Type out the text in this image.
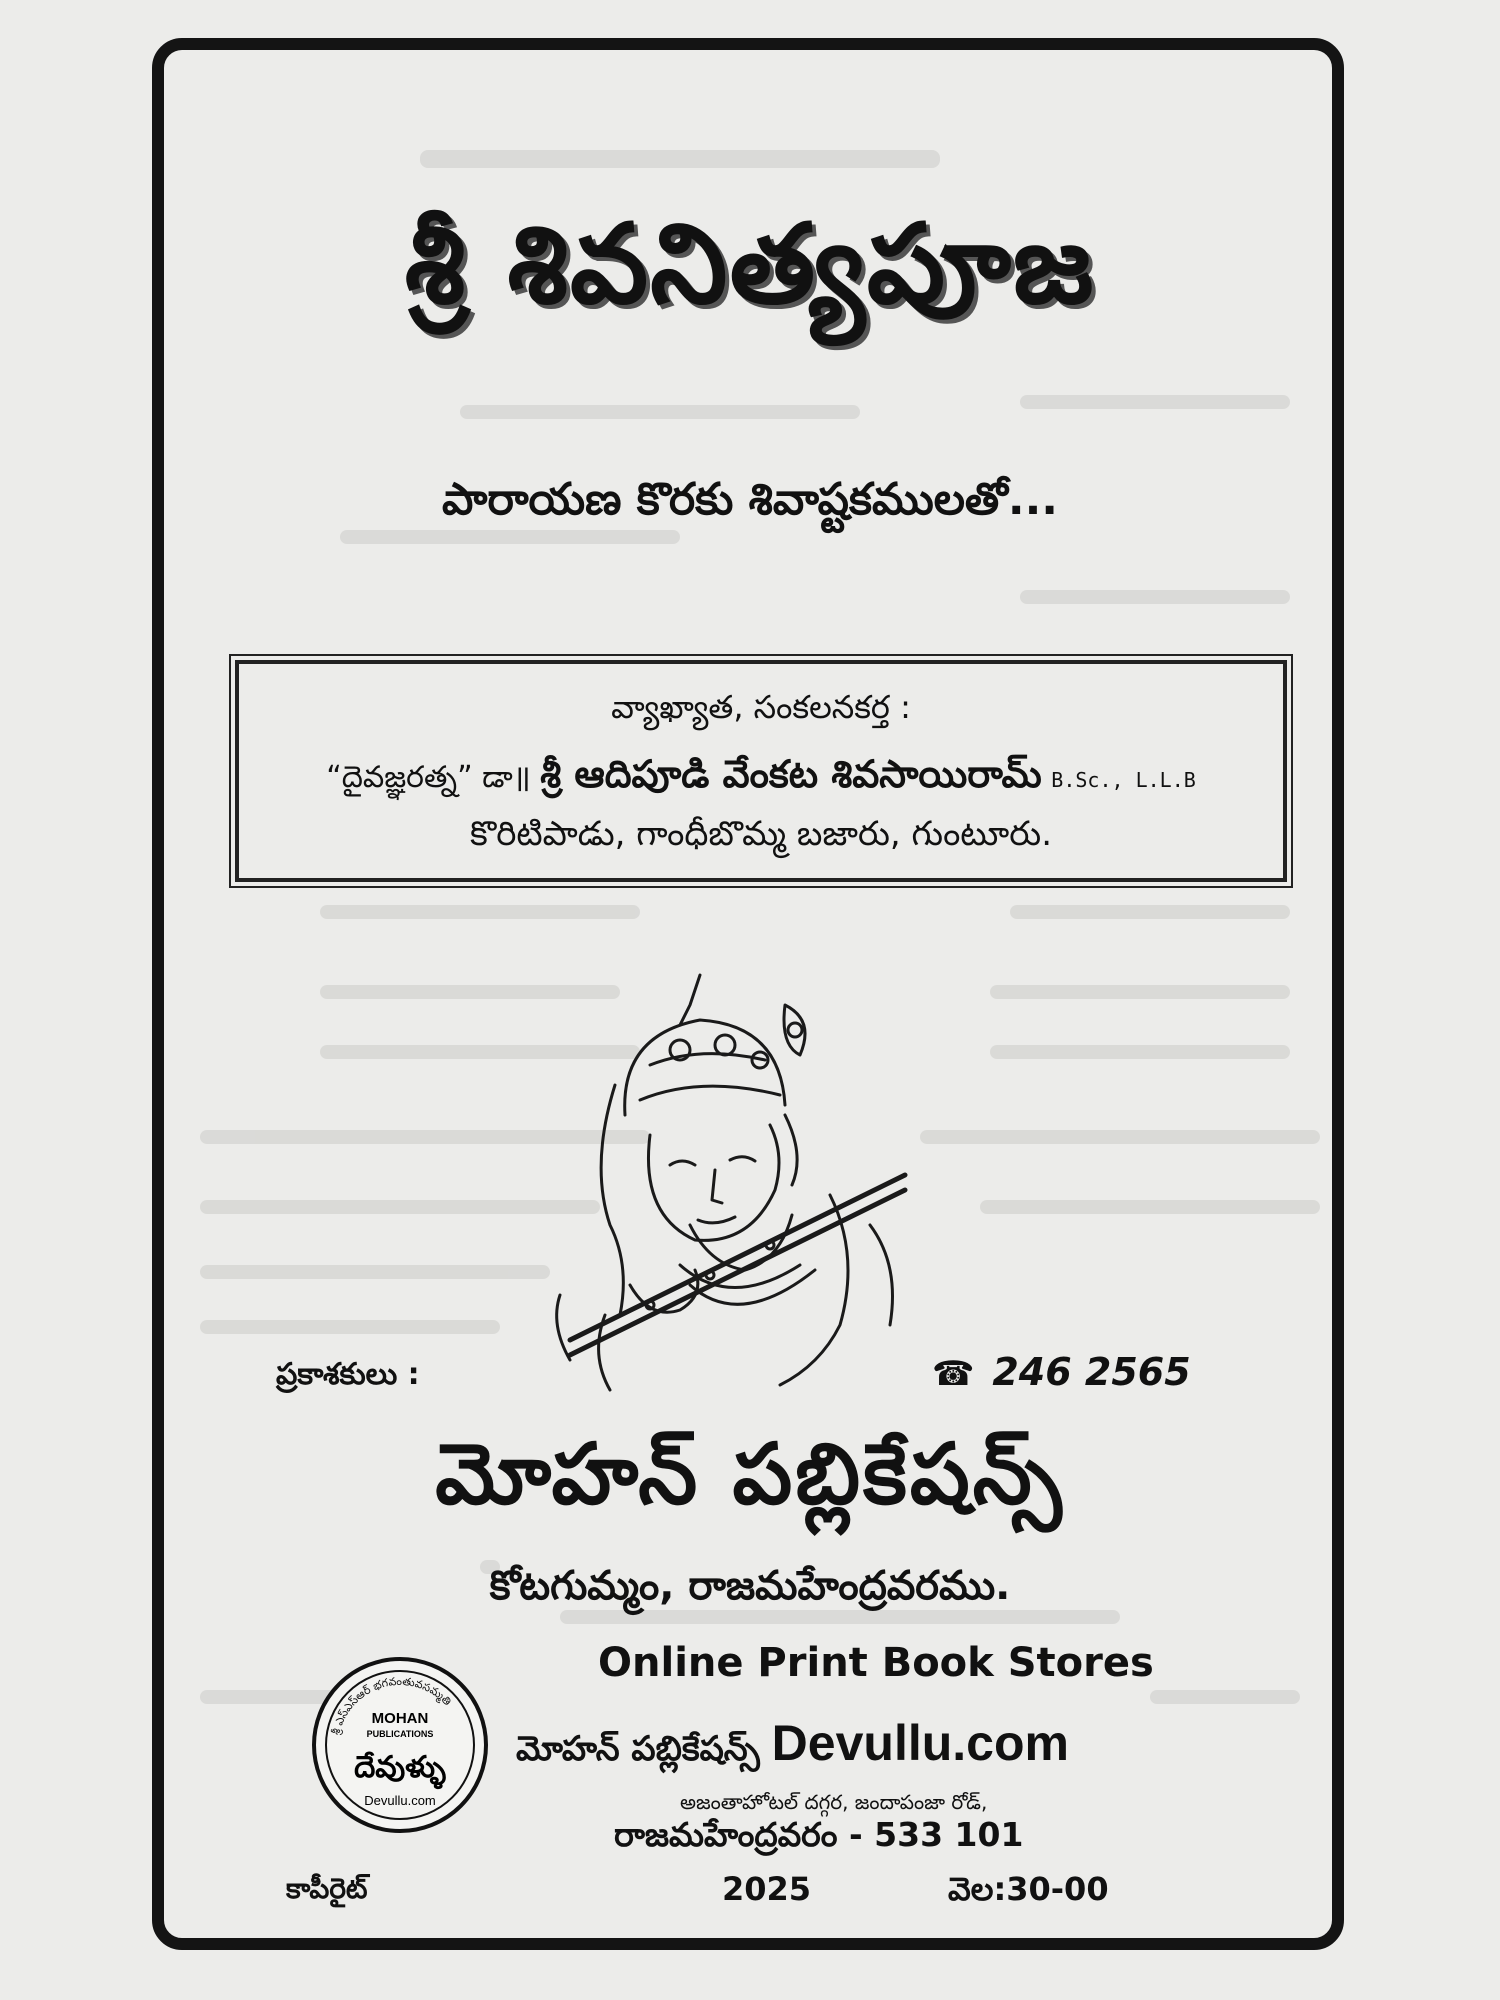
శ్రీ శివనిత్యపూజ
పారాయణ కొరకు శివాష్టకములతో...
వ్యాఖ్యాత, సంకలనకర్త :
“దైవజ్ఞరత్న” డా॥ శ్రీ ఆదిపూడి వేంకట శివసాయిరామ్ B.Sc., L.L.B
కొరిటిపాడు, గాంధీబొమ్మ బజారు, గుంటూరు.
ప్రకాశకులు :	☎ 246 2565
మోహన్ పబ్లికేషన్స్
కోటగుమ్మం, రాజమహేంద్రవరము.
శ్రీ ఎస్ఎస్ఆర్ భగవంతువసమ్మతి
MOHAN
PUBLICATIONS
దేవుళ్ళు
Devullu.com
Online Print Book Stores
మోహన్ పబ్లికేషన్స్ Devullu.com
అజంతాహోటల్ దగ్గర, జందాపంజా రోడ్,
రాజమహేంద్రవరం - 533 101
కాపీరైట్	2025	వెల:30-00
